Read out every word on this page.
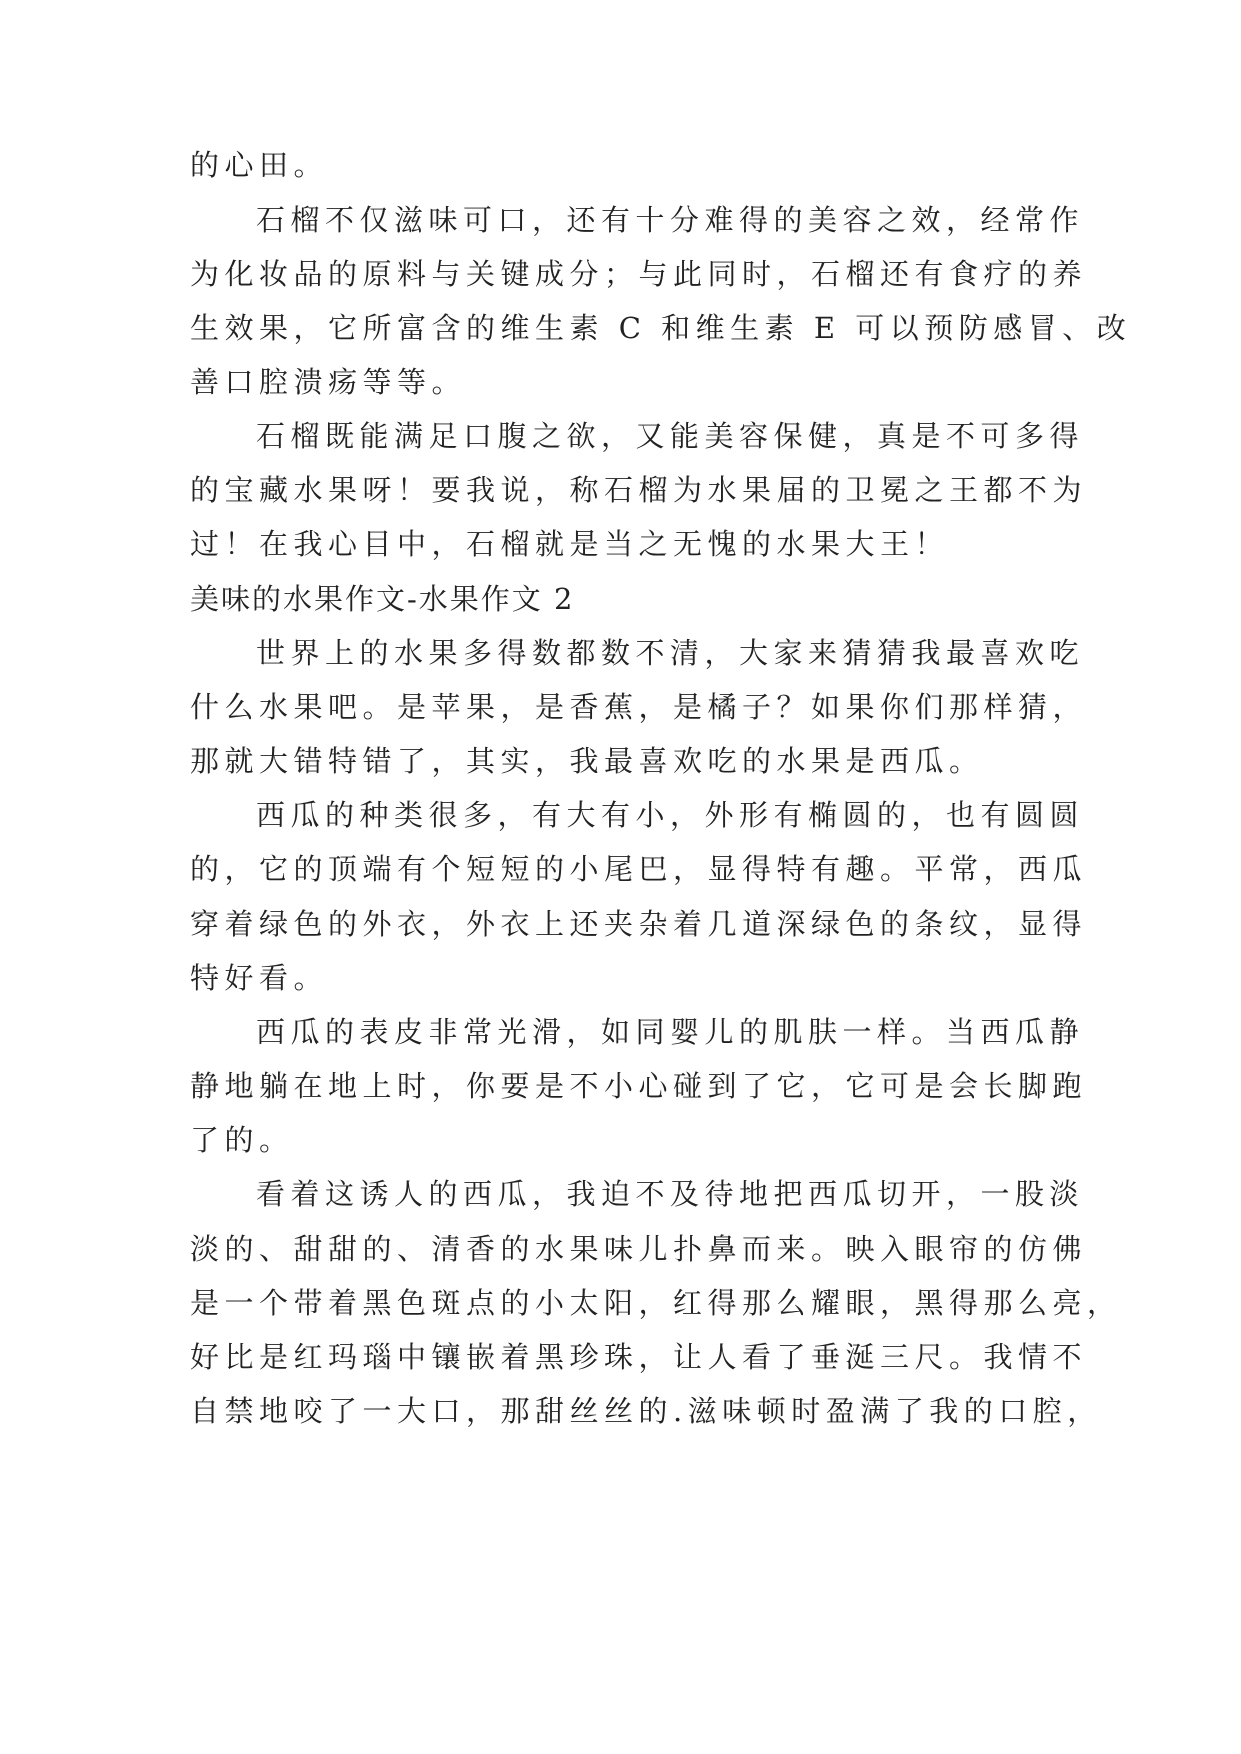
的心田。
石榴不仅滋味可口，还有十分难得的美容之效，经常作
为化妆品的原料与关键成分；与此同时，石榴还有食疗的养
生效果，它所富含的维生素 C 和维生素 E 可以预防感冒、改
善口腔溃疡等等。
石榴既能满足口腹之欲，又能美容保健，真是不可多得
的宝藏水果呀！要我说，称石榴为水果届的卫冕之王都不为
过！在我心目中，石榴就是当之无愧的水果大王！
美味的水果作文-水果作文 2
世界上的水果多得数都数不清，大家来猜猜我最喜欢吃
什么水果吧。是苹果，是香蕉，是橘子？如果你们那样猜，
那就大错特错了，其实，我最喜欢吃的水果是西瓜。
西瓜的种类很多，有大有小，外形有椭圆的，也有圆圆
的，它的顶端有个短短的小尾巴，显得特有趣。平常，西瓜
穿着绿色的外衣，外衣上还夹杂着几道深绿色的条纹，显得
特好看。
西瓜的表皮非常光滑，如同婴儿的肌肤一样。当西瓜静
静地躺在地上时，你要是不小心碰到了它，它可是会长脚跑
了的。
看着这诱人的西瓜，我迫不及待地把西瓜切开，一股淡
淡的、甜甜的、清香的水果味儿扑鼻而来。映入眼帘的仿佛
是一个带着黑色斑点的小太阳，红得那么耀眼，黑得那么亮，
好比是红玛瑙中镶嵌着黑珍珠，让人看了垂涎三尺。我情不
自禁地咬了一大口，那甜丝丝的.滋味顿时盈满了我的口腔，
